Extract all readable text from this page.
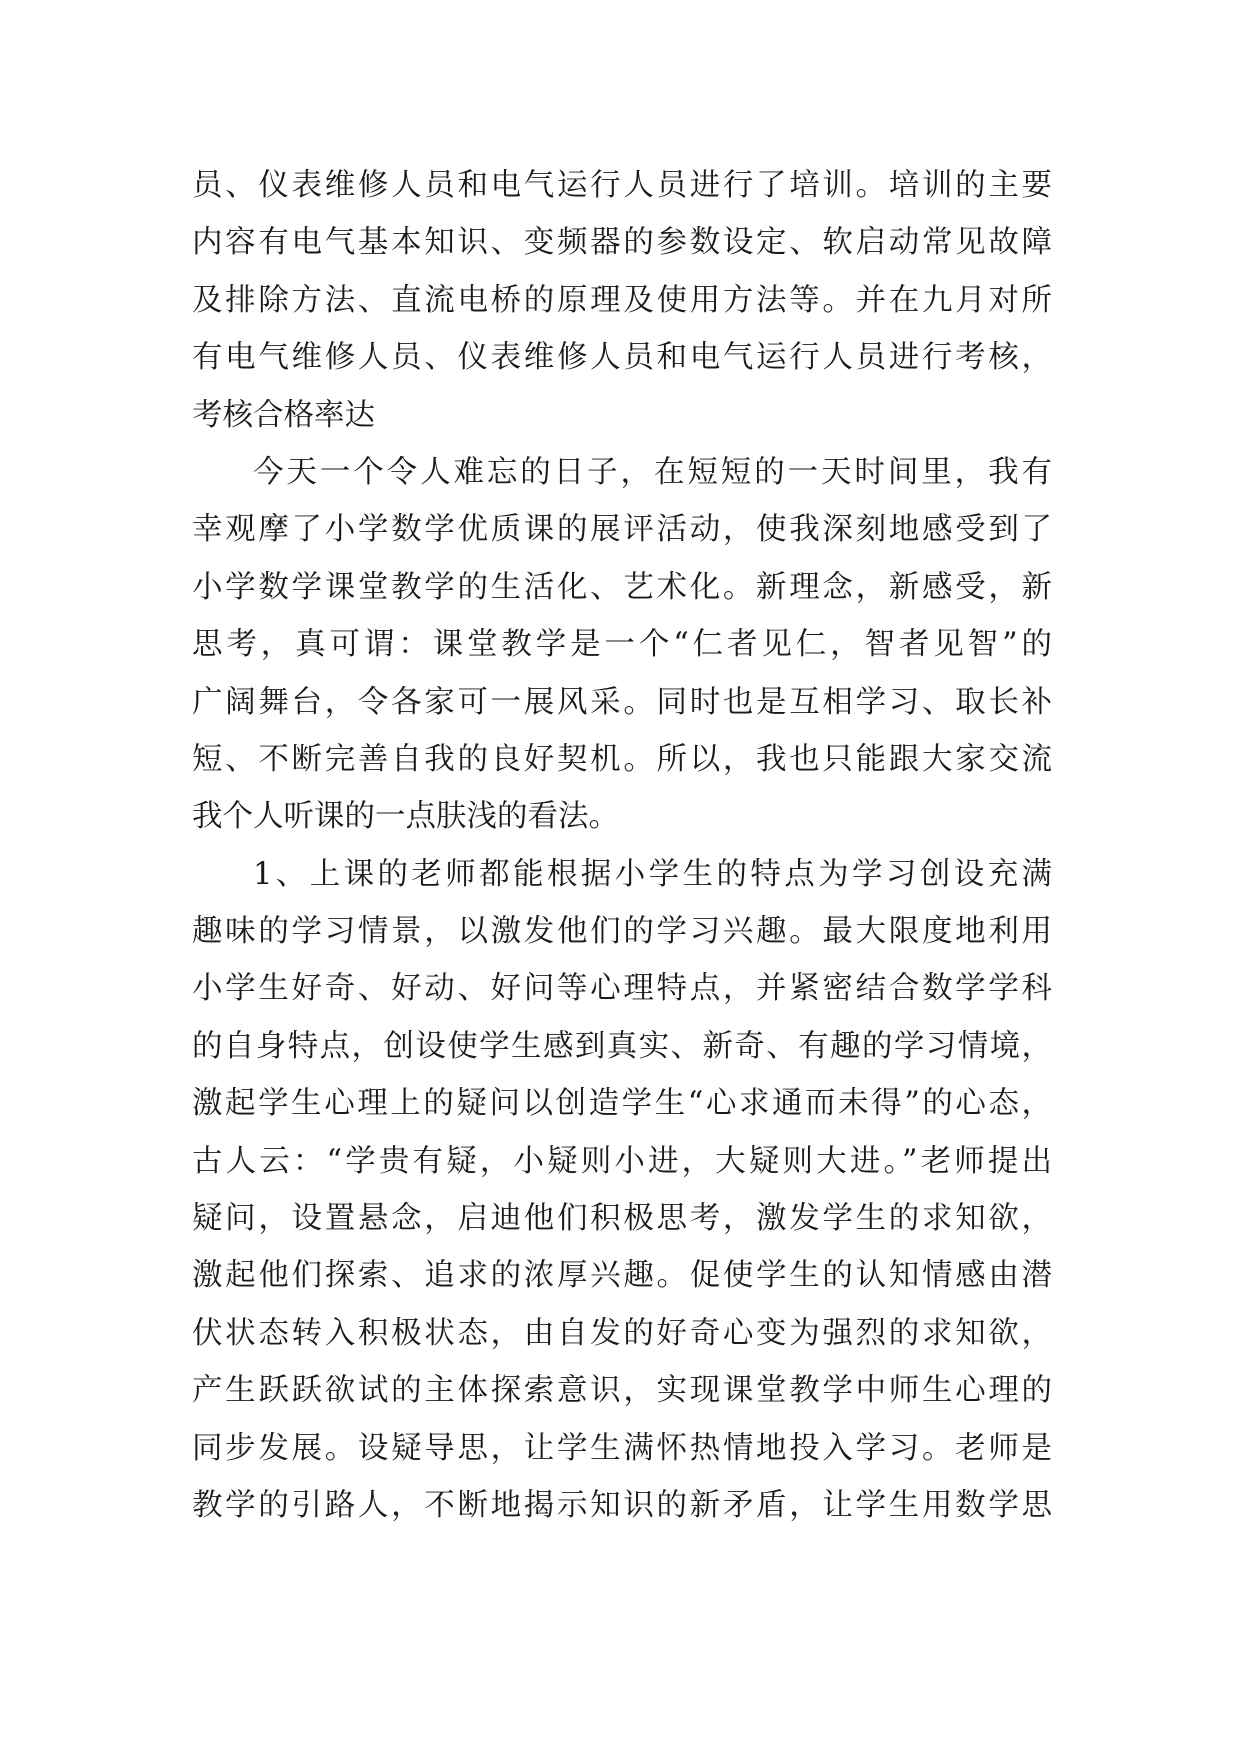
员、仪表维修人员和电气运行人员进行了培训。培训的主要
内容有电气基本知识、变频器的参数设定、软启动常见故障
及排除方法、直流电桥的原理及使用方法等。并在九月对所
有电气维修人员、仪表维修人员和电气运行人员进行考核，
考核合格率达
今天一个令人难忘的日子，在短短的一天时间里，我有
幸观摩了小学数学优质课的展评活动，使我深刻地感受到了
小学数学课堂教学的生活化、艺术化。新理念，新感受，新
思考，真可谓：课堂教学是一个“仁者见仁，智者见智”的
广阔舞台，令各家可一展风采。同时也是互相学习、取长补
短、不断完善自我的良好契机。所以，我也只能跟大家交流
我个人听课的一点肤浅的看法。
1、上课的老师都能根据小学生的特点为学习创设充满
趣味的学习情景，以激发他们的学习兴趣。最大限度地利用
小学生好奇、好动、好问等心理特点，并紧密结合数学学科
的自身特点，创设使学生感到真实、新奇、有趣的学习情境，
激起学生心理上的疑问以创造学生“心求通而未得”的心态，
古人云：“学贵有疑，小疑则小进，大疑则大进。”老师提出
疑问，设置悬念，启迪他们积极思考，激发学生的求知欲，
激起他们探索、追求的浓厚兴趣。促使学生的认知情感由潜
伏状态转入积极状态，由自发的好奇心变为强烈的求知欲，
产生跃跃欲试的主体探索意识，实现课堂教学中师生心理的
同步发展。设疑导思，让学生满怀热情地投入学习。老师是
教学的引路人，不断地揭示知识的新矛盾，让学生用数学思
